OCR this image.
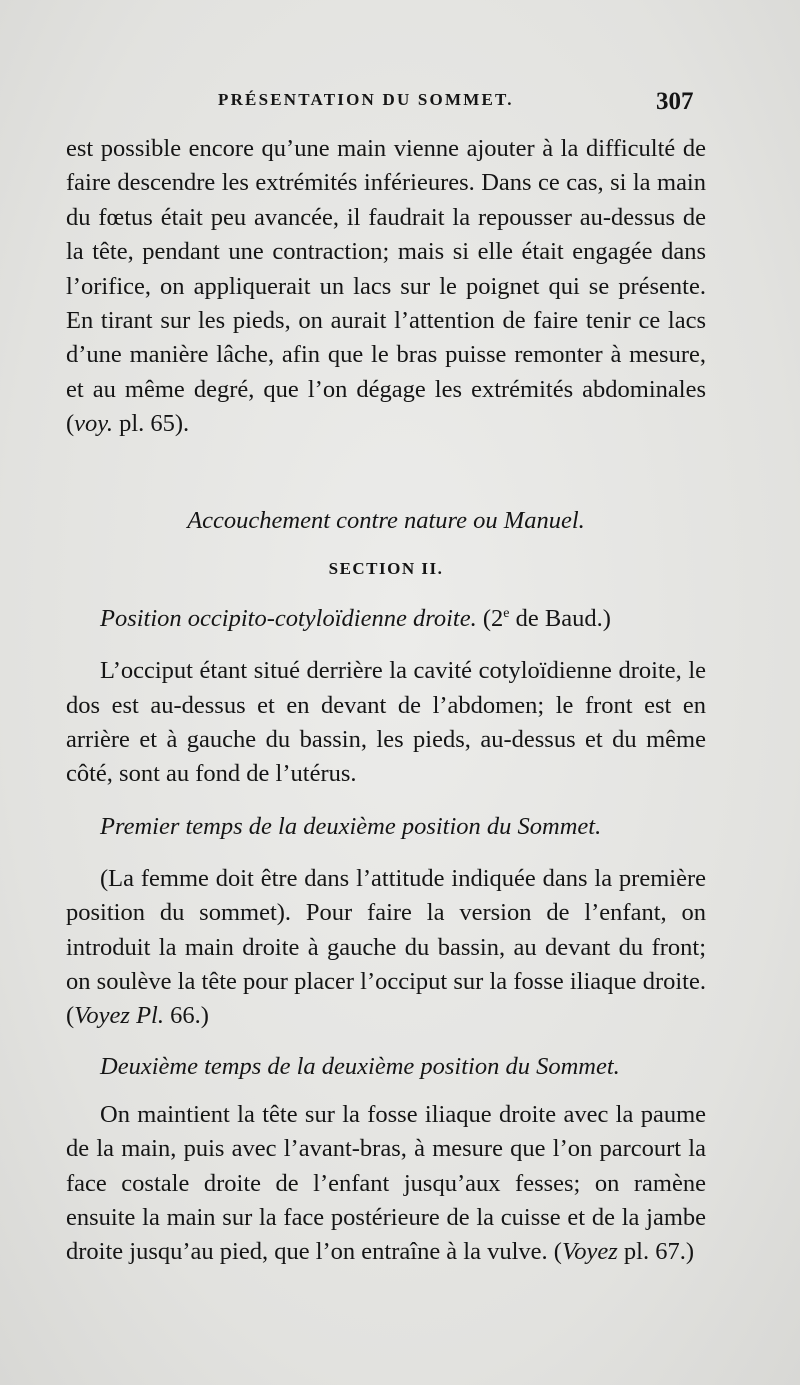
PRÉSENTATION DU SOMMET.	307

est possible encore qu’une main vienne ajouter à la difficulté de faire descendre les extrémités inférieures. Dans ce cas, si la main du fœtus était peu avancée, il faudrait la repousser au-dessus de la tête, pendant une contraction; mais si elle était engagée dans l’orifice, on appliquerait un lacs sur le poignet qui se présente. En tirant sur les pieds, on aurait l’attention de faire tenir ce lacs d’une manière lâche, afin que le bras puisse remonter à mesure, et au même degré, que l’on dégage les extrémités abdominales (voy. pl. 65).

Accouchement contre nature ou Manuel.

SECTION II.

Position occipito-cotyloïdienne droite. (2e de Baud.)

L’occiput étant situé derrière la cavité cotyloïdienne droite, le dos est au-dessus et en devant de l’abdomen; le front est en arrière et à gauche du bassin, les pieds, au-dessus et du même côté, sont au fond de l’utérus.

Premier temps de la deuxième position du Sommet.

(La femme doit être dans l’attitude indiquée dans la première position du sommet). Pour faire la version de l’enfant, on introduit la main droite à gauche du bassin, au devant du front; on soulève la tête pour placer l’occiput sur la fosse iliaque droite. (Voyez Pl. 66.)

Deuxième temps de la deuxième position du Sommet.

On maintient la tête sur la fosse iliaque droite avec la paume de la main, puis avec l’avant-bras, à mesure que l’on parcourt la face costale droite de l’enfant jusqu’aux fesses; on ramène ensuite la main sur la face postérieure de la cuisse et de la jambe droite jusqu’au pied, que l’on entraîne à la vulve. (Voyez pl. 67.)
